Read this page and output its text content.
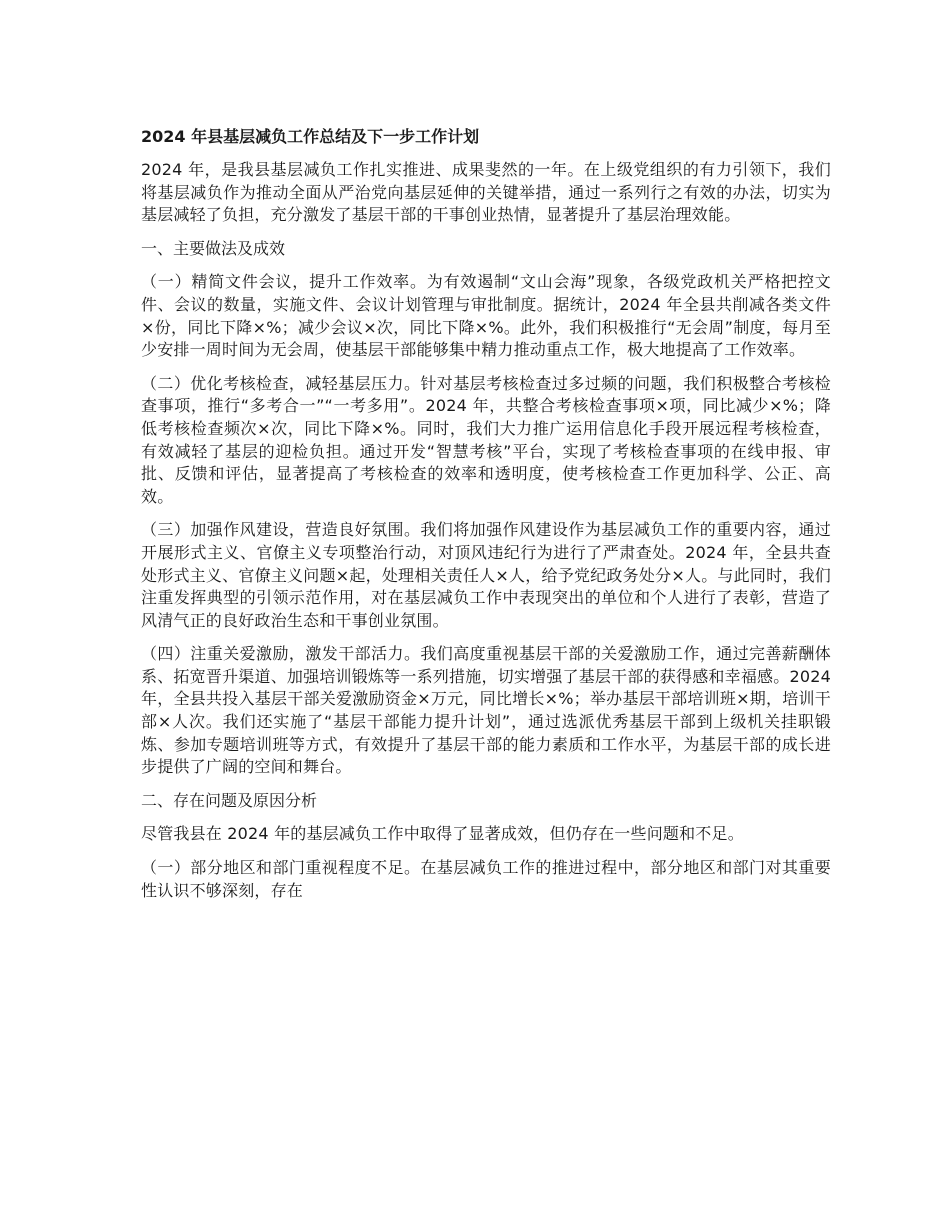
2024 年县基层减负工作总结及下一步工作计划

2024 年，是我县基层减负工作扎实推进、成果斐然的一年。在上级党组织的有力引领下，我们将基层减负作为推动全面从严治党向基层延伸的关键举措，通过一系列行之有效的办法，切实为基层减轻了负担，充分激发了基层干部的干事创业热情，显著提升了基层治理效能。

一、主要做法及成效

（一）精简文件会议，提升工作效率。为有效遏制“文山会海”现象，各级党政机关严格把控文件、会议的数量，实施文件、会议计划管理与审批制度。据统计，2024 年全县共削减各类文件×份，同比下降×%；减少会议×次，同比下降×%。此外，我们积极推行“无会周”制度，每月至少安排一周时间为无会周，使基层干部能够集中精力推动重点工作，极大地提高了工作效率。

（二）优化考核检查，减轻基层压力。针对基层考核检查过多过频的问题，我们积极整合考核检查事项，推行“多考合一”“一考多用”。2024 年，共整合考核检查事项×项，同比减少×%；降低考核检查频次×次，同比下降×%。同时，我们大力推广运用信息化手段开展远程考核检查，有效减轻了基层的迎检负担。通过开发“智慧考核”平台，实现了考核检查事项的在线申报、审批、反馈和评估，显著提高了考核检查的效率和透明度，使考核检查工作更加科学、公正、高效。

（三）加强作风建设，营造良好氛围。我们将加强作风建设作为基层减负工作的重要内容，通过开展形式主义、官僚主义专项整治行动，对顶风违纪行为进行了严肃查处。2024 年，全县共查处形式主义、官僚主义问题×起，处理相关责任人×人，给予党纪政务处分×人。与此同时，我们注重发挥典型的引领示范作用，对在基层减负工作中表现突出的单位和个人进行了表彰，营造了风清气正的良好政治生态和干事创业氛围。

（四）注重关爱激励，激发干部活力。我们高度重视基层干部的关爱激励工作，通过完善薪酬体系、拓宽晋升渠道、加强培训锻炼等一系列措施，切实增强了基层干部的获得感和幸福感。2024 年，全县共投入基层干部关爱激励资金×万元，同比增长×%；举办基层干部培训班×期，培训干部×人次。我们还实施了“基层干部能力提升计划”，通过选派优秀基层干部到上级机关挂职锻炼、参加专题培训班等方式，有效提升了基层干部的能力素质和工作水平，为基层干部的成长进步提供了广阔的空间和舞台。

二、存在问题及原因分析

尽管我县在 2024 年的基层减负工作中取得了显著成效，但仍存在一些问题和不足。

（一）部分地区和部门重视程度不足。在基层减负工作的推进过程中，部分地区和部门对其重要性认识不够深刻，存在
